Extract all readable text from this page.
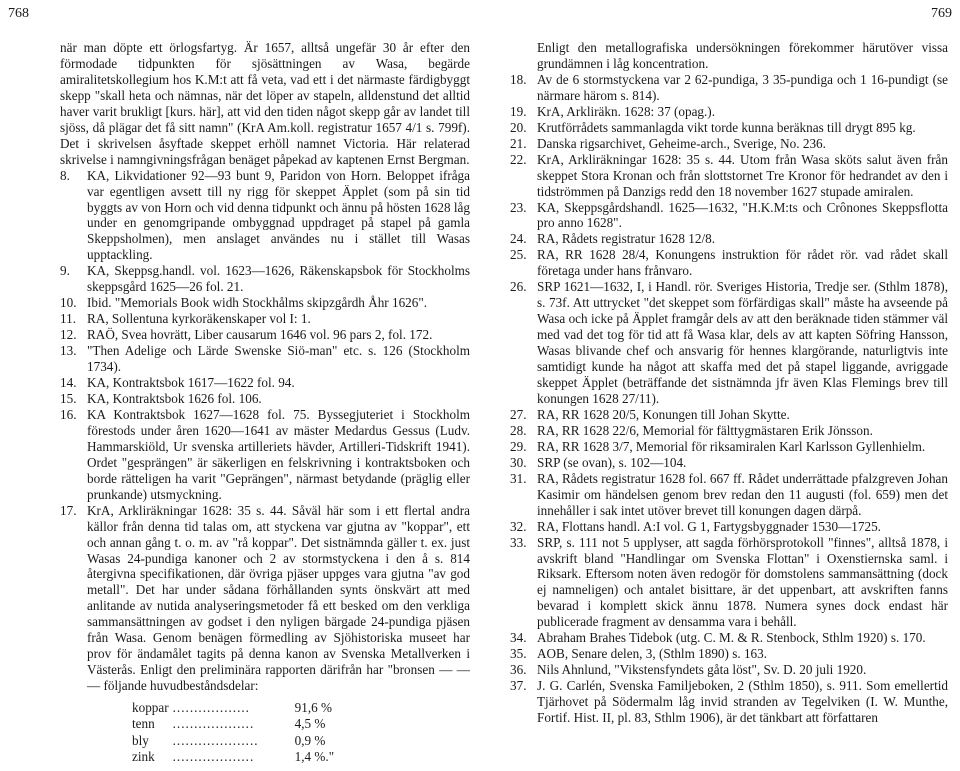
768	769

när man döpte ett örlogsfartyg. Är 1657, alltså ungefär 30 år efter den förmodade tidpunkten för sjösättningen av Wasa, begärde amiralitetskollegium hos K.M:t att få veta, vad ett i det närmaste färdigbyggt skepp "skall heta och nämnas, när det löper av stapeln, alldenstund det alltid haver varit brukligt [kurs. här], att vid den tiden något skepp går av landet till sjöss, då plägar det få sitt namn" (KrA Am.koll. registratur 1657 4/1 s. 799f). Det i skrivelsen åsyftade skeppet erhöll namnet Victoria. Här relaterad skrivelse i namngivningsfrågan benäget påpekad av kaptenen Ernst Bergman.

8.	KA, Likvidationer 92—93 bunt 9, Paridon von Horn. Beloppet ifråga var egentligen avsett till ny rigg för skeppet Äpplet (som på sin tid byggts av von Horn och vid denna tidpunkt och ännu på hösten 1628 låg under en genomgripande ombyggnad uppdraget på stapel på gamla Skeppsholmen), men anslaget användes nu i stället till Wasas upptackling.

9.	KA, Skeppsg.handl. vol. 1623—1626, Räkenskapsbok för Stockholms skeppsgård 1625—26 fol. 21.

10. Ibid. "Memorials Book widh Stockhålms skipzgårdh Åhr 1626".

11. RA, Sollentuna kyrkoräkenskaper vol I: 1.

12. RAÖ, Svea hovrätt, Liber causarum 1646 vol. 96 pars 2, fol. 172.

13. "Then Adelige och Lärde Swenske Siö-man" etc. s. 126 (Stockholm 1734).

14. KA, Kontraktsbok 1617—1622 fol. 94.

15. KA, Kontraktsbok 1626 fol. 106.

16. KA Kontraktsbok 1627—1628 fol. 75. Byssegjuteriet i Stockholm förestods under åren 1620—1641 av mäster Medardus Gessus (Ludv. Hammarskiöld, Ur svenska artilleriets hävder, Artilleri-Tidskrift 1941). Ordet "gesprängen" är säkerligen en felskrivning i kontraktsboken och borde rätteligen ha varit "Geprängen", närmast betydande (präglig eller prunkande) utsmyckning.

17. KrA, Arkliräkningar 1628: 35 s. 44. Såväl här som i ett flertal andra källor från denna tid talas om, att styckena var gjutna av "koppar", ett och annan gång t. o. m. av "rå koppar". Det sistnämnda gäller t. ex. just Wasas 24-pundiga kanoner och 2 av stormstyckena i den å s. 814 återgivna specifikationen, där övriga pjäser uppges vara gjutna "av god metall". Det har under sådana förhållanden synts önskvärt att med anlitande av nutida analyseringsmetoder få ett besked om den verkliga sammansättningen av godset i den nyligen bärgade 24-pundiga pjäsen från Wasa. Genom benägen förmedling av Sjöhistoriska museet har prov för ändamålet tagits på denna kanon av Svenska Metallverken i Västerås. Enligt den preliminära rapporten därifrån har "bronsen — — — följande huvudbeståndsdelar:

koppar	..................	91,6 %
tenn	...................	4,5 %
bly	....................	0,9 %
zink	...................	1,4 %."

Enligt den metallografiska undersökningen förekommer härutöver vissa grundämnen i låg koncentration.

18. Av de 6 stormstyckena var 2 62-pundiga, 3 35-pundiga och 1 16-pundigt (se närmare härom s. 814).

19. KrA, Arkliräkn. 1628: 37 (opag.).

20. Krutförrådets sammanlagda vikt torde kunna beräknas till drygt 895 kg.

21. Danska rigsarchivet, Geheime-arch., Sverige, No. 236.

22. KrA, Arkliräkningar 1628: 35 s. 44. Utom från Wasa sköts salut även från skeppet Stora Kronan och från slottstornet Tre Kronor för hedrandet av den i tidströmmen på Danzigs redd den 18 november 1627 stupade amiralen.

23. KA, Skeppsgårdshandl. 1625—1632, "H.K.M:ts och Crônones Skeppsflotta pro anno 1628".

24. RA, Rådets registratur 1628 12/8.

25. RA, RR 1628 28/4, Konungens instruktion för rådet rör. vad rådet skall företaga under hans frånvaro.

26. SRP 1621—1632, I, i Handl. rör. Sveriges Historia, Tredje ser. (Sthlm 1878), s. 73f. Att uttrycket "det skeppet som förfärdigas skall" måste ha avseende på Wasa och icke på Äpplet framgår dels av att den beräknade tiden stämmer väl med vad det tog för tid att få Wasa klar, dels av att kapten Söfring Hansson, Wasas blivande chef och ansvarig för hennes klargörande, naturligtvis inte samtidigt kunde ha något att skaffa med det på stapel liggande, avriggade skeppet Äpplet (beträffande det sistnämnda jfr även Klas Flemings brev till konungen 1628 27/11).

27. RA, RR 1628 20/5, Konungen till Johan Skytte.

28. RA, RR 1628 22/6, Memorial för fälttygmästaren Erik Jönsson.

29. RA, RR 1628 3/7, Memorial för riksamiralen Karl Karlsson Gyllenhielm.

30. SRP (se ovan), s. 102—104.

31. RA, Rådets registratur 1628 fol. 667 ff. Rådet underrättade pfalzgreven Johan Kasimir om händelsen genom brev redan den 11 augusti (fol. 659) men det innehåller i sak intet utöver brevet till konungen dagen därpå.

32. RA, Flottans handl. A:I vol. G 1, Fartygsbyggnader 1530—1725.

33. SRP, s. 111 not 5 upplyser, att sagda förhörsprotokoll "finnes", alltså 1878, i avskrift bland "Handlingar om Svenska Flottan" i Oxenstiernska saml. i Riksark. Eftersom noten även redogör för domstolens sammansättning (dock ej namneligen) och antalet bisittare, är det uppenbart, att avskriften fanns bevarad i komplett skick ännu 1878. Numera synes dock endast här publicerade fragment av densamma vara i behåll.

34. Abraham Brahes Tidebok (utg. C. M. & R. Stenbock, Sthlm 1920) s. 170.

35. AOB, Senare delen, 3, (Sthlm 1890) s. 163.

36. Nils Ahnlund, "Vikstensfyndets gåta löst", Sv. D. 20 juli 1920.

37. J. G. Carlén, Svenska Familjeboken, 2 (Sthlm 1850), s. 911. Som emellertid Tjärhovet på Södermalm låg invid stranden av Tegelviken (I. W. Munthe, Fortif. Hist. II, pl. 83, Sthlm 1906), är det tänkbart att författaren
